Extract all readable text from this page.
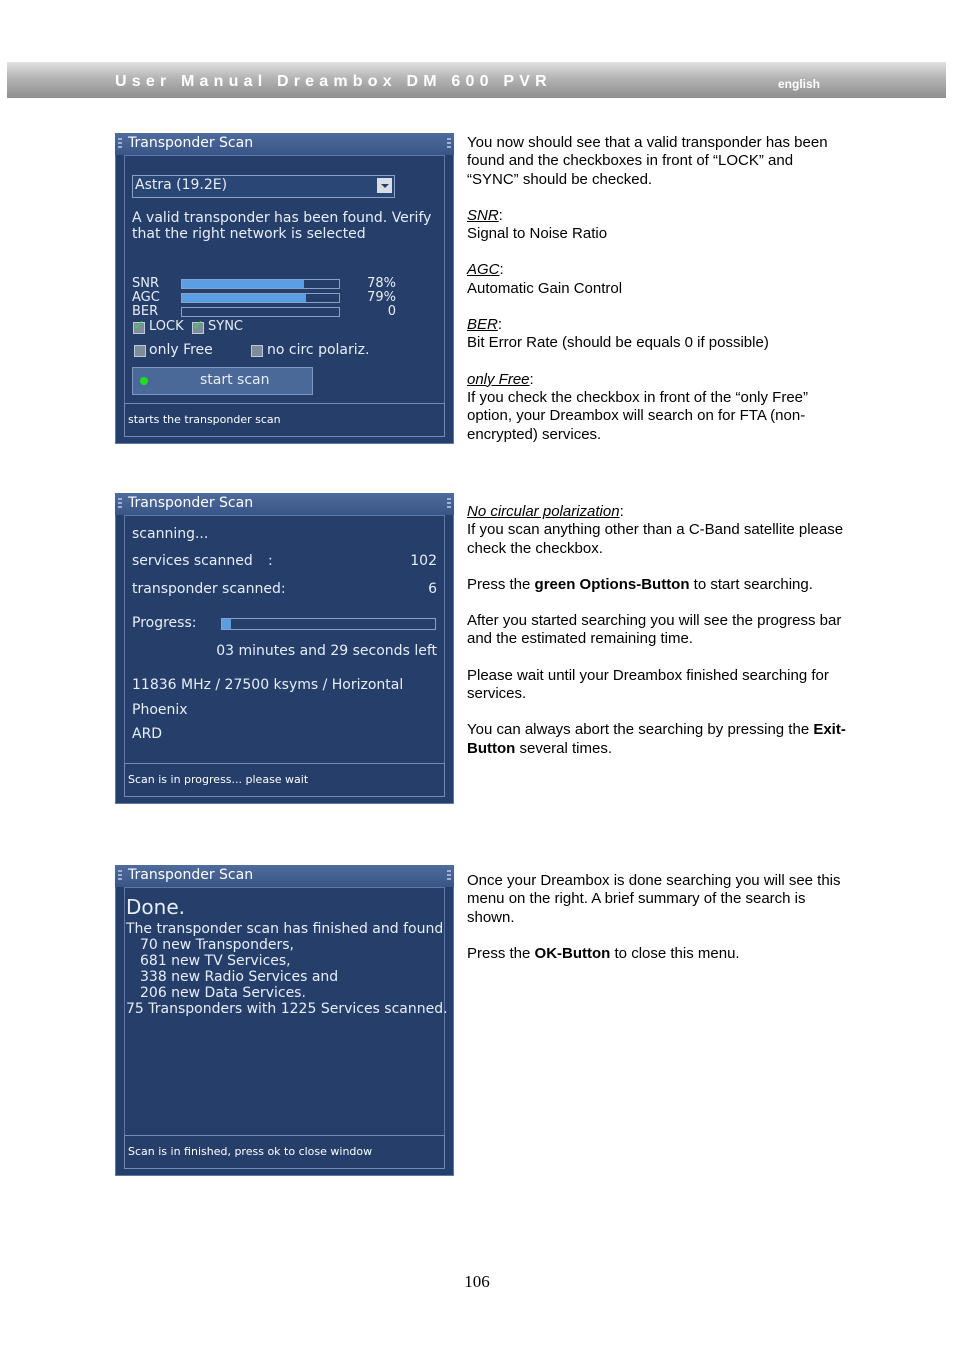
User Manual Dreambox DM 600 PVR	english
Transponder Scan
Astra (19.2E)
A valid transponder has been found. Verify
that the right network is selected
SNR	78%
AGC	79%
BER	0
✓
LOCK ✓ SYNC
only Free	no circ polariz.
start scan
starts the transponder scan
Transponder Scan
scanning...
services scanned :	102
transponder scanned:	6
Progress:
03 minutes and 29 seconds left
11836 MHz / 27500 ksyms / Horizontal
Phoenix
ARD
Scan is in progress... please wait
Transponder Scan
Done.
The transponder scan has finished and found
70 new Transponders,
681 new TV Services,
338 new Radio Services and
206 new Data Services.
75 Transponders with 1225 Services scanned.
Scan is in finished, press ok to close window

You now should see that a valid transponder has been found and the checkboxes in front of “LOCK” and “SYNC” should be checked.

SNR:

Signal to Noise Ratio

AGC:

Automatic Gain Control

BER:

Bit Error Rate (should be equals 0 if possible)

only Free:

If you check the checkbox in front of the “only Free” option, your Dreambox will search on for FTA (non-encrypted) services.

No circular polarization:

If you scan anything other than a C-Band satellite please check the checkbox.

Press the green Options-Button to start searching.

After you started searching you will see the progress bar and the estimated remaining time.

Please wait until your Dreambox finished searching for services.

You can always abort the searching by pressing the Exit-Button several times.

Once your Dreambox is done searching you will see this menu on the right. A brief summary of the search is shown.

Press the OK-Button to close this menu.

106
